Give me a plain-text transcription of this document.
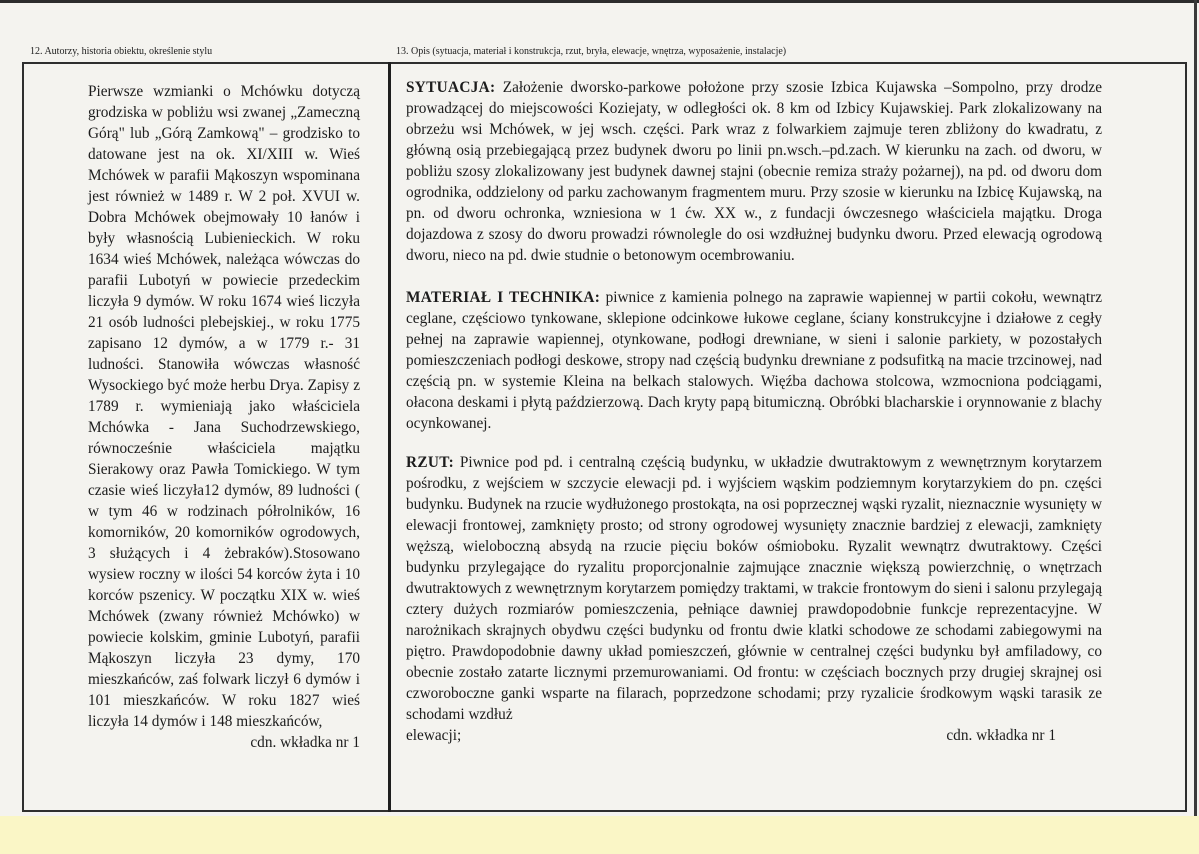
12. Autorzy, historia obiektu, określenie stylu	13. Opis (sytuacja, materiał i konstrukcja, rzut, bryła, elewacje, wnętrza, wyposażenie, instalacje)

Pierwsze wzmianki o Mchówku dotyczą grodziska w pobliżu wsi zwanej „Zameczną Górą" lub „Górą Zamkową" – grodzisko to datowane jest na ok. XI/XIII w. Wieś Mchówek w parafii Mąkoszyn wspominana jest również w 1489 r. W 2 poł. XVUI w. Dobra Mchówek obejmowały 10 łanów i były własnością Lubienieckich. W roku 1634 wieś Mchówek, należąca wówczas do parafii Lubotyń w powiecie przedeckim liczyła 9 dymów. W roku 1674 wieś liczyła 21 osób ludności plebejskiej., w roku 1775 zapisano 12 dymów, a w 1779 r.- 31 ludności. Stanowiła wówczas własność Wysockiego być może herbu Drya. Zapisy z 1789 r. wymieniają jako właściciela Mchówka - Jana Suchodrzewskiego, równocześnie właściciela majątku Sierakowy oraz Pawła Tomickiego. W tym czasie wieś liczyła12 dymów, 89 ludności ( w tym 46 w rodzinach półrolników, 16 komorników, 20 komorników ogrodowych, 3 służących i 4 żebraków).Stosowano wysiew roczny w ilości 54 korców żyta i 10 korców pszenicy. W początku XIX w. wieś Mchówek (zwany również Mchówko) w powiecie kolskim, gminie Lubotyń, parafii Mąkoszyn liczyła 23 dymy, 170 mieszkańców, zaś folwark liczył 6 dymów i 101 mieszkańców. W roku 1827 wieś liczyła 14 dymów i 148 mieszkańców,

cdn. wkładka nr 1

SYTUACJA: Założenie dworsko-parkowe położone przy szosie Izbica Kujawska –Sompolno, przy drodze prowadzącej do miejscowości Koziejaty, w odległości ok. 8 km od Izbicy Kujawskiej. Park zlokalizowany na obrzeżu wsi Mchówek, w jej wsch. części. Park wraz z folwarkiem zajmuje teren zbliżony do kwadratu, z główną osią przebiegającą przez budynek dworu po linii pn.wsch.–pd.zach. W kierunku na zach. od dworu, w pobliżu szosy zlokalizowany jest budynek dawnej stajni (obecnie remiza straży pożarnej), na pd. od dworu dom ogrodnika, oddzielony od parku zachowanym fragmentem muru. Przy szosie w kierunku na Izbicę Kujawską, na pn. od dworu ochronka, wzniesiona w 1 ćw. XX w., z fundacji ówczesnego właściciela majątku. Droga dojazdowa z szosy do dworu prowadzi równolegle do osi wzdłużnej budynku dworu. Przed elewacją ogrodową dworu, nieco na pd. dwie studnie o betonowym ocembrowaniu.

MATERIAŁ I TECHNIKA: piwnice z kamienia polnego na zaprawie wapiennej w partii cokołu, wewnątrz ceglane, częściowo tynkowane, sklepione odcinkowe łukowe ceglane, ściany konstrukcyjne i działowe z cegły pełnej na zaprawie wapiennej, otynkowane, podłogi drewniane, w sieni i salonie parkiety, w pozostałych pomieszczeniach podłogi deskowe, stropy nad częścią budynku drewniane z podsufitką na macie trzcinowej, nad częścią pn. w systemie Kleina na belkach stalowych. Więźba dachowa stolcowa, wzmocniona podciągami, ołacona deskami i płytą paździerzową. Dach kryty papą bitumiczną. Obróbki blacharskie i orynnowanie z blachy ocynkowanej.

RZUT: Piwnice pod pd. i centralną częścią budynku, w układzie dwutraktowym z wewnętrznym korytarzem pośrodku, z wejściem w szczycie elewacji pd. i wyjściem wąskim podziemnym korytarzykiem do pn. części budynku. Budynek na rzucie wydłużonego prostokąta, na osi poprzecznej wąski ryzalit, nieznacznie wysunięty w elewacji frontowej, zamknięty prosto; od strony ogrodowej wysunięty znacznie bardziej z elewacji, zamknięty węższą, wieloboczną absydą na rzucie pięciu boków ośmioboku. Ryzalit wewnątrz dwutraktowy. Części budynku przylegające do ryzalitu proporcjonalnie zajmujące znacznie większą powierzchnię, o wnętrzach dwutraktowych z wewnętrznym korytarzem pomiędzy traktami, w trakcie frontowym do sieni i salonu przylegają cztery dużych rozmiarów pomieszczenia, pełniące dawniej prawdopodobnie funkcje reprezentacyjne. W narożnikach skrajnych obydwu części budynku od frontu dwie klatki schodowe ze schodami zabiegowymi na piętro. Prawdopodobnie dawny układ pomieszczeń, głównie w centralnej części budynku był amfiladowy, co obecnie zostało zatarte licznymi przemurowaniami. Od frontu: w częściach bocznych przy drugiej skrajnej osi czworoboczne ganki wsparte na filarach, poprzedzone schodami; przy ryzalicie środkowym wąski tarasik ze schodami wzdłuż

elewacji;	cdn. wkładka nr 1
